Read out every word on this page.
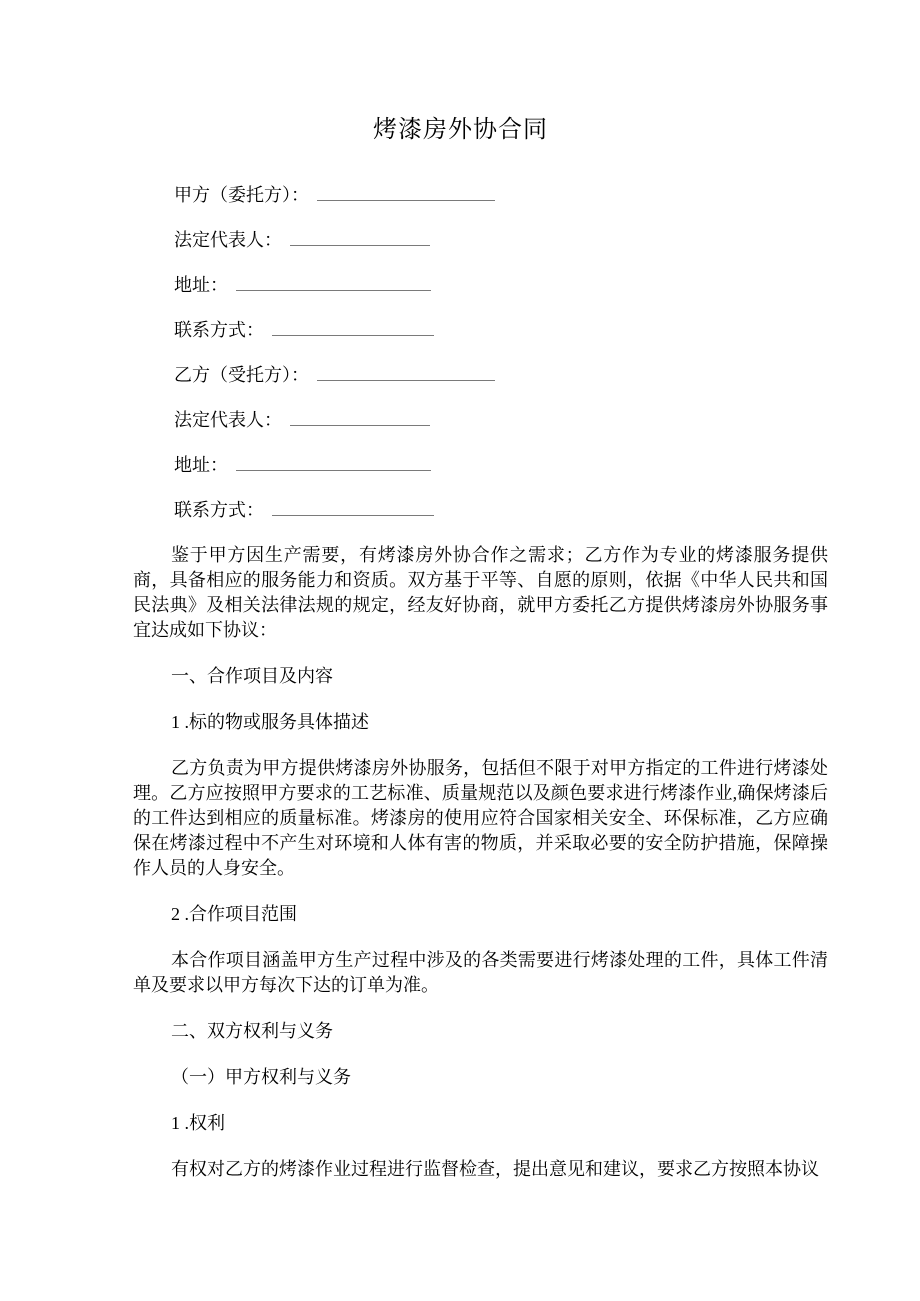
烤漆房外协合同
甲方（委托方）：
法定代表人：
地址：
联系方式：
乙方（受托方）：
法定代表人：
地址：
联系方式：

鉴于甲方因生产需要，有烤漆房外协合作之需求；乙方作为专业的烤漆服务提供商，具备相应的服务能力和资质。双方基于平等、自愿的原则，依据《中华人民共和国民法典》及相关法律法规的规定，经友好协商，就甲方委托乙方提供烤漆房外协服务事宜达成如下协议：

一、合作项目及内容

1 .标的物或服务具体描述

乙方负责为甲方提供烤漆房外协服务，包括但不限于对甲方指定的工件进行烤漆处理。乙方应按照甲方要求的工艺标准、质量规范以及颜色要求进行烤漆作业,确保烤漆后的工件达到相应的质量标准。烤漆房的使用应符合国家相关安全、环保标准，乙方应确保在烤漆过程中不产生对环境和人体有害的物质，并采取必要的安全防护措施，保障操作人员的人身安全。

2 .合作项目范围

本合作项目涵盖甲方生产过程中涉及的各类需要进行烤漆处理的工件，具体工件清单及要求以甲方每次下达的订单为准。

二、双方权利与义务

（一）甲方权利与义务

1 .权利

有权对乙方的烤漆作业过程进行监督检查，提出意见和建议，要求乙方按照本协议
